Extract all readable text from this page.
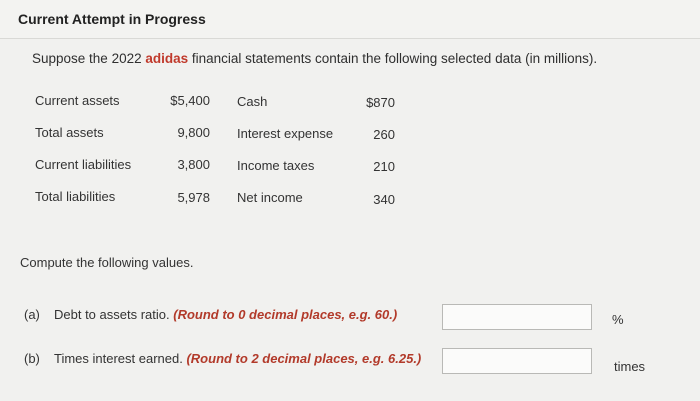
Current Attempt in Progress
Suppose the 2022 adidas financial statements contain the following selected data (in millions).
Current assets	$5,400 Cash	$870
Total assets	9,800 Interest expense	260
Current liabilities	3,800 Income taxes	210
Total liabilities	5,978 Net income	340
Compute the following values.
(a) Debt to assets ratio. (Round to 0 decimal places, e.g. 60.)	%
(b) Times interest earned. (Round to 2 decimal places, e.g. 6.25.)
times
